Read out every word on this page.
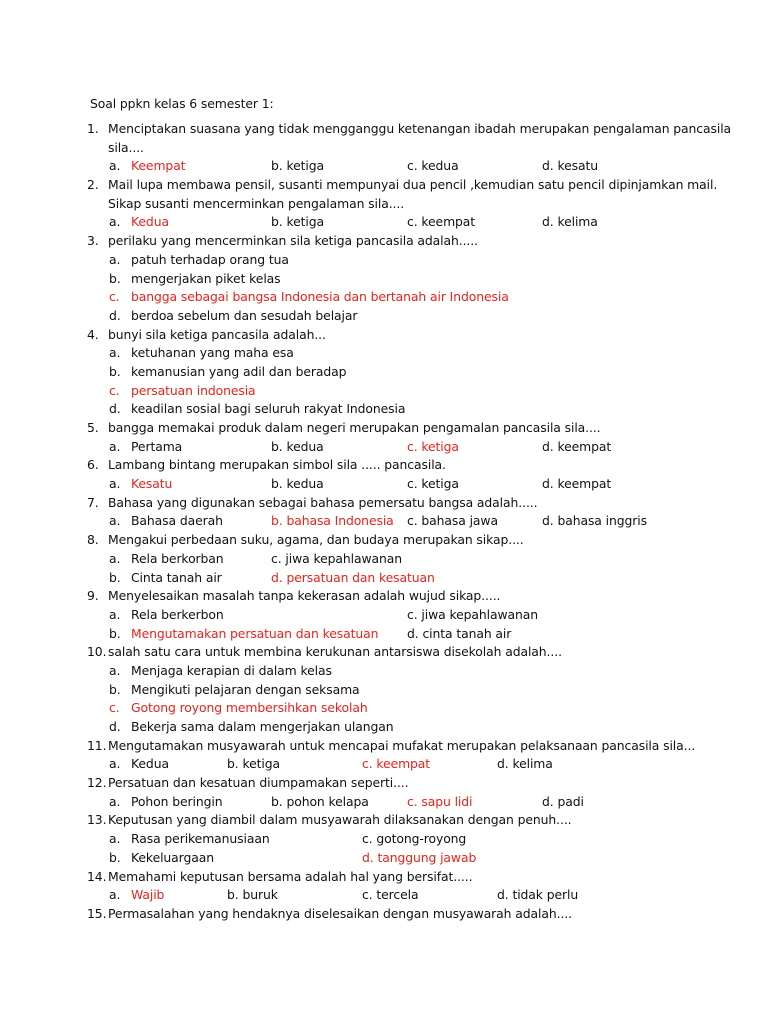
Soal ppkn kelas 6 semester 1:
1. Menciptakan suasana yang tidak mengganggu ketenangan ibadah merupakan pengalaman pancasila
sila....
a. Keempat	b. ketiga	c. kedua	d. kesatu
2. Mail lupa membawa pensil, susanti mempunyai dua pencil ,kemudian satu pencil dipinjamkan mail.
Sikap susanti mencerminkan pengalaman sila....
a. Kedua	b. ketiga	c. keempat	d. kelima
3. perilaku yang mencerminkan sila ketiga pancasila adalah.....
a. patuh terhadap orang tua
b. mengerjakan piket kelas
c. bangga sebagai bangsa Indonesia dan bertanah air Indonesia
d. berdoa sebelum dan sesudah belajar
4. bunyi sila ketiga pancasila adalah...
a. ketuhanan yang maha esa
b. kemanusian yang adil dan beradap
c. persatuan indonesia
d. keadilan sosial bagi seluruh rakyat Indonesia
5. bangga memakai produk dalam negeri merupakan pengamalan pancasila sila....
a. Pertama	b. kedua	c. ketiga	d. keempat
6. Lambang bintang merupakan simbol sila ..... pancasila.
a. Kesatu	b. kedua	c. ketiga	d. keempat
7. Bahasa yang digunakan sebagai bahasa pemersatu bangsa adalah.....
a. Bahasa daerah	b. bahasa Indonesia c. bahasa jawa	d. bahasa inggris
8. Mengakui perbedaan suku, agama, dan budaya merupakan sikap....
a. Rela berkorban	c. jiwa kepahlawanan
b. Cinta tanah air	d. persatuan dan kesatuan
9. Menyelesaikan masalah tanpa kekerasan adalah wujud sikap.....
a. Rela berkerbon	c. jiwa kepahlawanan
b. Mengutamakan persatuan dan kesatuan d. cinta tanah air
10. salah satu cara untuk membina kerukunan antarsiswa disekolah adalah....
a. Menjaga kerapian di dalam kelas
b. Mengikuti pelajaran dengan seksama
c. Gotong royong membersihkan sekolah
d. Bekerja sama dalam mengerjakan ulangan
11. Mengutamakan musyawarah untuk mencapai mufakat merupakan pelaksanaan pancasila sila...
a. Kedua	b. ketiga	c. keempat	d. kelima
12. Persatuan dan kesatuan diumpamakan seperti....
a. Pohon beringin	b. pohon kelapa	c. sapu lidi	d. padi
13. Keputusan yang diambil dalam musyawarah dilaksanakan dengan penuh....
a. Rasa perikemanusiaan	c. gotong-royong
b. Kekeluargaan	d. tanggung jawab
14. Memahami keputusan bersama adalah hal yang bersifat.....
a. Wajib	b. buruk	c. tercela	d. tidak perlu
15. Permasalahan yang hendaknya diselesaikan dengan musyawarah adalah....
